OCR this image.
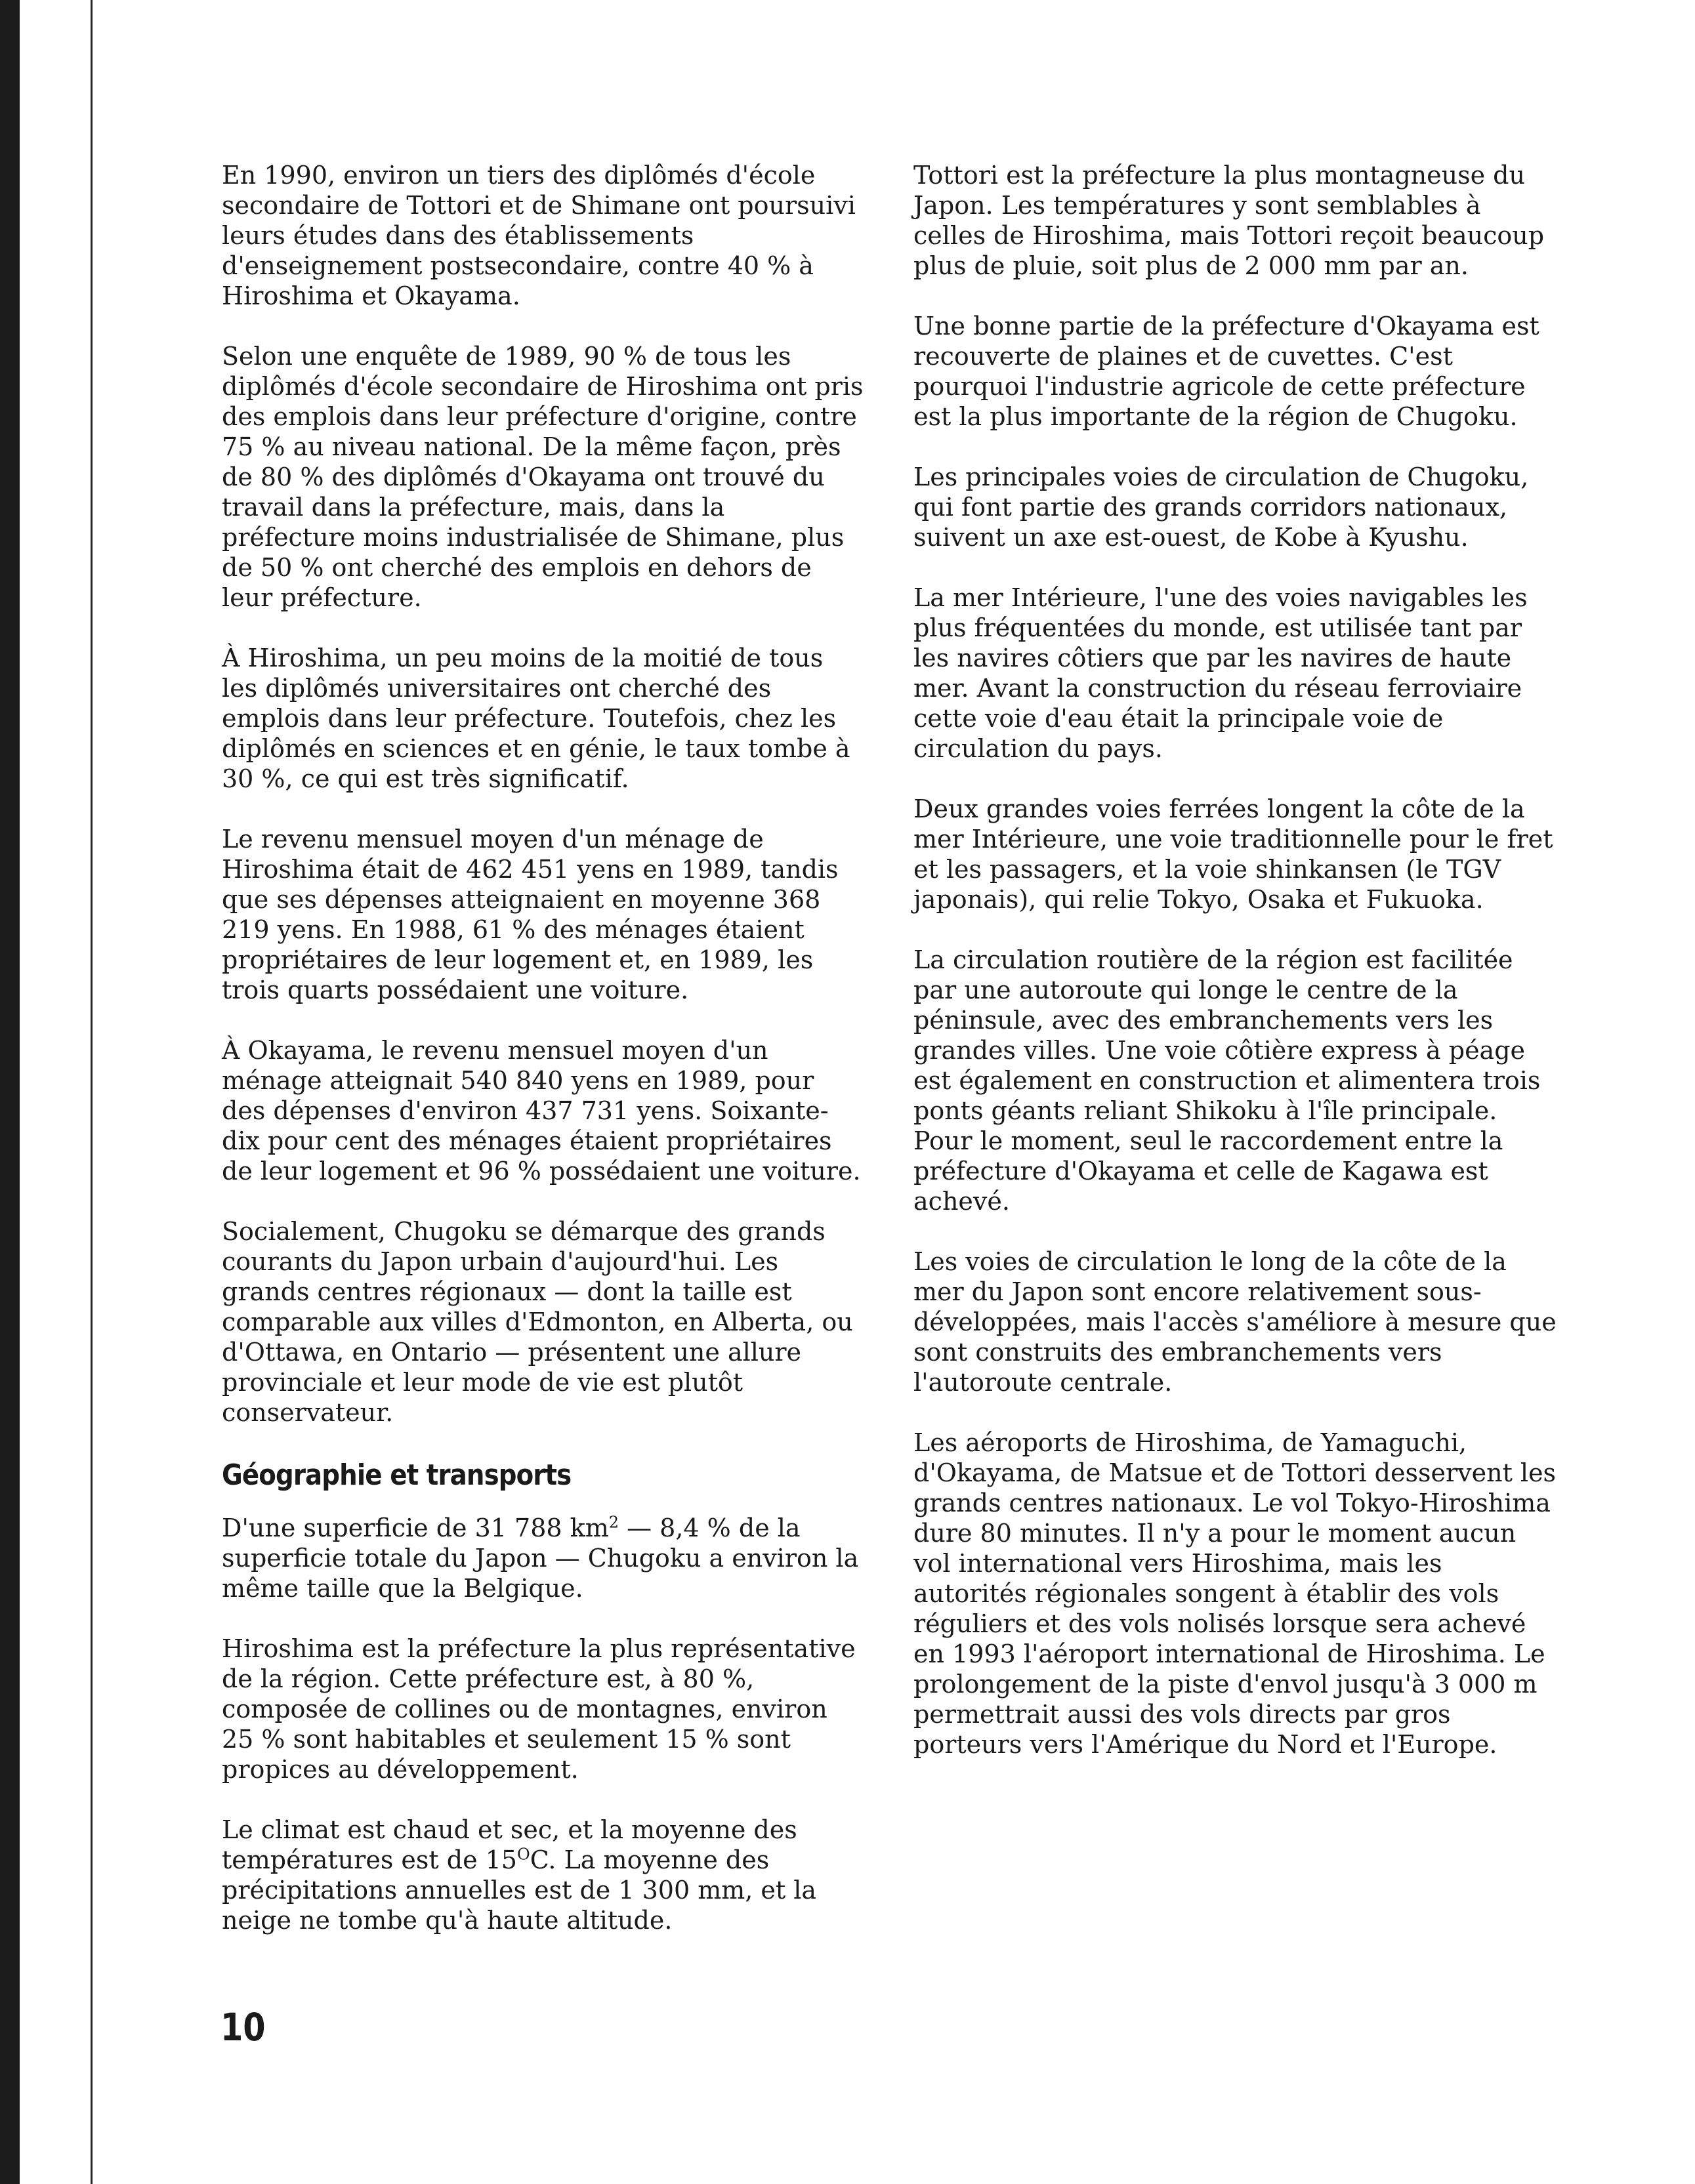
En 1990, environ un tiers des diplômés d'école secondaire de Tottori et de Shimane ont poursuivi leurs études dans des établissements d'enseignement postsecondaire, contre 40 % à Hiroshima et Okayama.

Selon une enquête de 1989, 90 % de tous les diplômés d'école secondaire de Hiroshima ont pris des emplois dans leur préfecture d'origine, contre 75 % au niveau national. De la même façon, près de 80 % des diplômés d'Okayama ont trouvé du travail dans la préfecture, mais, dans la préfecture moins industrialisée de Shimane, plus de 50 % ont cherché des emplois en dehors de leur préfecture.

À Hiroshima, un peu moins de la moitié de tous les diplômés universitaires ont cherché des emplois dans leur préfecture. Toutefois, chez les diplômés en sciences et en génie, le taux tombe à 30 %, ce qui est très significatif.

Le revenu mensuel moyen d'un ménage de Hiroshima était de 462 451 yens en 1989, tandis que ses dépenses atteignaient en moyenne 368 219 yens. En 1988, 61 % des ménages étaient propriétaires de leur logement et, en 1989, les trois quarts possédaient une voiture.

À Okayama, le revenu mensuel moyen d'un ménage atteignait 540 840 yens en 1989, pour des dépenses d'environ 437 731 yens. Soixante-dix pour cent des ménages étaient propriétaires de leur logement et 96 % possédaient une voiture.

Socialement, Chugoku se démarque des grands courants du Japon urbain d'aujourd'hui. Les grands centres régionaux — dont la taille est comparable aux villes d'Edmonton, en Alberta, ou d'Ottawa, en Ontario — présentent une allure provinciale et leur mode de vie est plutôt conservateur.

Géographie et transports

D'une superficie de 31 788 $km^2$ — 8,4 % de la superficie totale du Japon — Chugoku a environ la même taille que la Belgique.

Hiroshima est la préfecture la plus représentative de la région. Cette préfecture est, à 80 %, composée de collines ou de montagnes, environ 25 % sont habitables et seulement 15 % sont propices au développement.

Le climat est chaud et sec, et la moyenne des températures est de $15^OC$. La moyenne des précipitations annuelles est de 1 300 mm, et la neige ne tombe qu'à haute altitude.

Tottori est la préfecture la plus montagneuse du Japon. Les températures y sont semblables à celles de Hiroshima, mais Tottori reçoit beaucoup plus de pluie, soit plus de 2 000 mm par an.

Une bonne partie de la préfecture d'Okayama est recouverte de plaines et de cuvettes. C'est pourquoi l'industrie agricole de cette préfecture est la plus importante de la région de Chugoku.

Les principales voies de circulation de Chugoku, qui font partie des grands corridors nationaux, suivent un axe est-ouest, de Kobe à Kyushu.

La mer Intérieure, l'une des voies navigables les plus fréquentées du monde, est utilisée tant par les navires côtiers que par les navires de haute mer. Avant la construction du réseau ferroviaire cette voie d'eau était la principale voie de circulation du pays.

Deux grandes voies ferrées longent la côte de la mer Intérieure, une voie traditionnelle pour le fret et les passagers, et la voie shinkansen (le TGV japonais), qui relie Tokyo, Osaka et Fukuoka.

La circulation routière de la région est facilitée par une autoroute qui longe le centre de la péninsule, avec des embranchements vers les grandes villes. Une voie côtière express à péage est également en construction et alimentera trois ponts géants reliant Shikoku à l'île principale. Pour le moment, seul le raccordement entre la préfecture d'Okayama et celle de Kagawa est achevé.

Les voies de circulation le long de la côte de la mer du Japon sont encore relativement sous-développées, mais l'accès s'améliore à mesure que sont construits des embranchements vers l'autoroute centrale.

Les aéroports de Hiroshima, de Yamaguchi, d'Okayama, de Matsue et de Tottori desservent les grands centres nationaux. Le vol Tokyo-Hiroshima dure 80 minutes. Il n'y a pour le moment aucun vol international vers Hiroshima, mais les autorités régionales songent à établir des vols réguliers et des vols nolisés lorsque sera achevé en 1993 l'aéroport international de Hiroshima. Le prolongement de la piste d'envol jusqu'à 3 000 m permettrait aussi des vols directs par gros porteurs vers l'Amérique du Nord et l'Europe.

10
